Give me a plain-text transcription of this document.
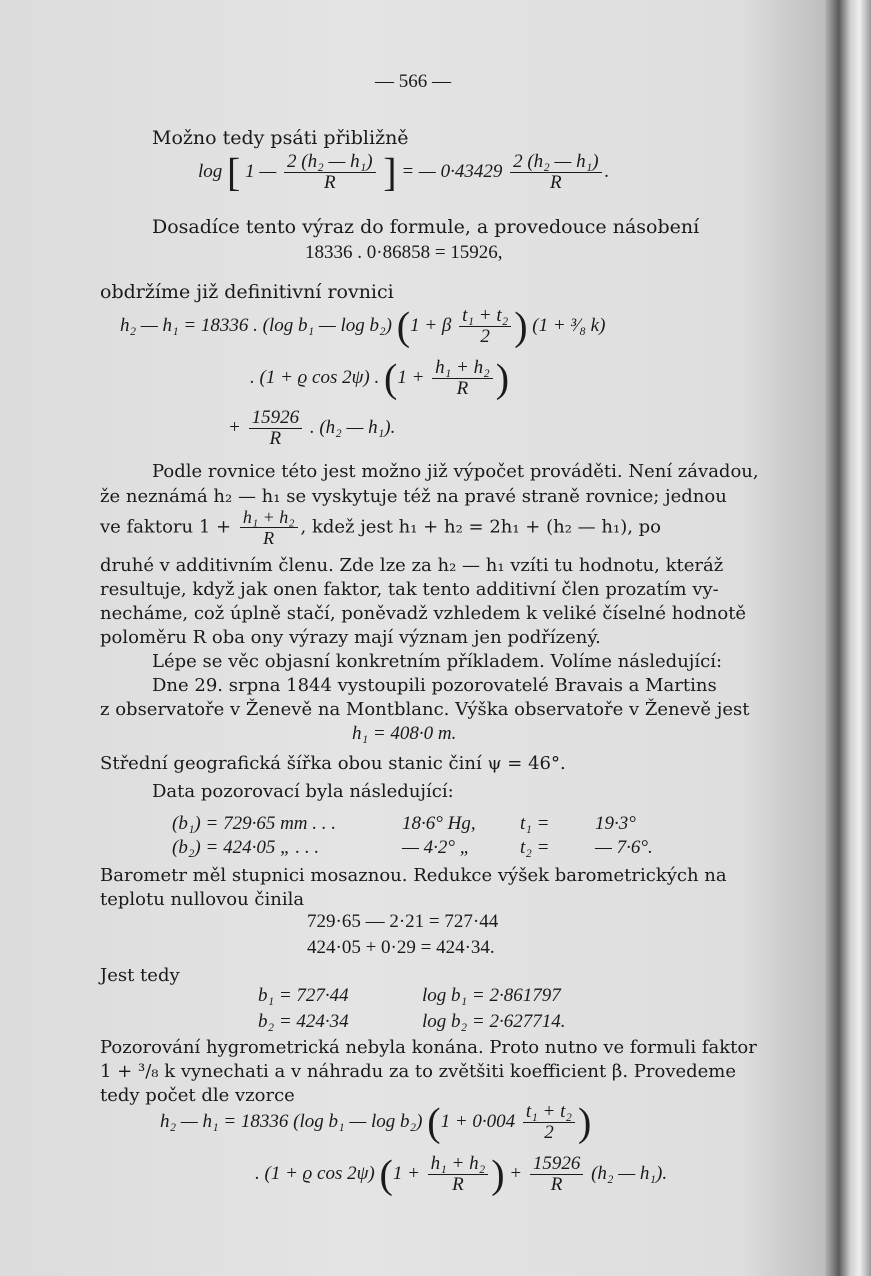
— 566 —
Možno tedy psáti přibližně
log [ 1 — $\frac{\text{2 (h₂ — h₁)}}{R}$ ] = — $0\cdot 43429 \frac{\text{2 (h₂ — h₁)}}{R}$ .
Dosadíce tento výraz do formule, a provedouce násobení
18336 . 0·86858 = 15926,
obdržíme již definitivní rovnici
h₂ — h₁ = 18336 . (log b₁ — log b₂) (1 + β $\frac{\text{t₁ + t₂}}{2}$ ) (1 + ³⁄₈ k)
. (1 + ϱ cos 2ψ) . ($1 + \frac{\text{h₁ + h₂}}{R}$ )
+ $\frac{15926}{R}$ . (h₂ — h₁).
Podle rovnice této jest možno již výpočet prováděti. Není závadou,
že neznámá h₂ — h₁ se vyskytuje též na pravé straně rovnice; jednou
ve faktoru $1 + \frac{\text{h₁ + h₂}}{R}$ , kdež jest h₁ + h₂ = 2h₁ + (h₂ — h₁), po
druhé v additivním členu. Zde lze za h₂ — h₁ vzíti tu hodnotu, kteráž
resultuje, když jak onen faktor, tak tento additivní člen prozatím vy-
necháme, což úplně stačí, poněvadž vzhledem k veliké číselné hodnotě
poloměru R oba ony výrazy mají význam jen podřízený.
Lépe se věc objasní konkretním příkladem. Volíme následující:
Dne 29. srpna 1844 vystoupili pozorovatelé Bravais a Martins
z observatoře v Ženevě na Montblanc. Výška observatoře v Ženevě jest
h₁ = 408·0 m.
Střední geografická šířka obou stanic činí ψ = 46°.
Data pozorovací byla následující:
(b₁) = 729·65 mm . . .	18·6° Hg, t₁ = 19·3°
(b₂) = 424·05 „ . . .	— 4·2° „	t₂ = — 7·6°.
Barometr měl stupnici mosaznou. Redukce výšek barometrických na
teplotu nullovou činila
729·65 — 2·21 = 727·44
424·05 + 0·29 = 424·34.
Jest tedy
b₁ = 727·44	log b₁ = 2·861797
b₂ = 424·34	log b₂ = 2·627714.
Pozorování hygrometrická nebyla konána. Proto nutno ve formuli faktor
1 + ³/₈ k vynechati a v náhradu za to zvětšiti koefficient β. Provedeme
tedy počet dle vzorce
h₂ — h₁ = 18336 (log b₁ — log b₂) ($1 + 0\cdot 004 \frac{\text{t₁ + t₂}}{2}$ )
. (1 + ϱ cos 2ψ) ($1 + \frac{\text{h₁ + h₂}}{R}$ ) + $\frac{15926}{R} (h_2$ — h₁).
